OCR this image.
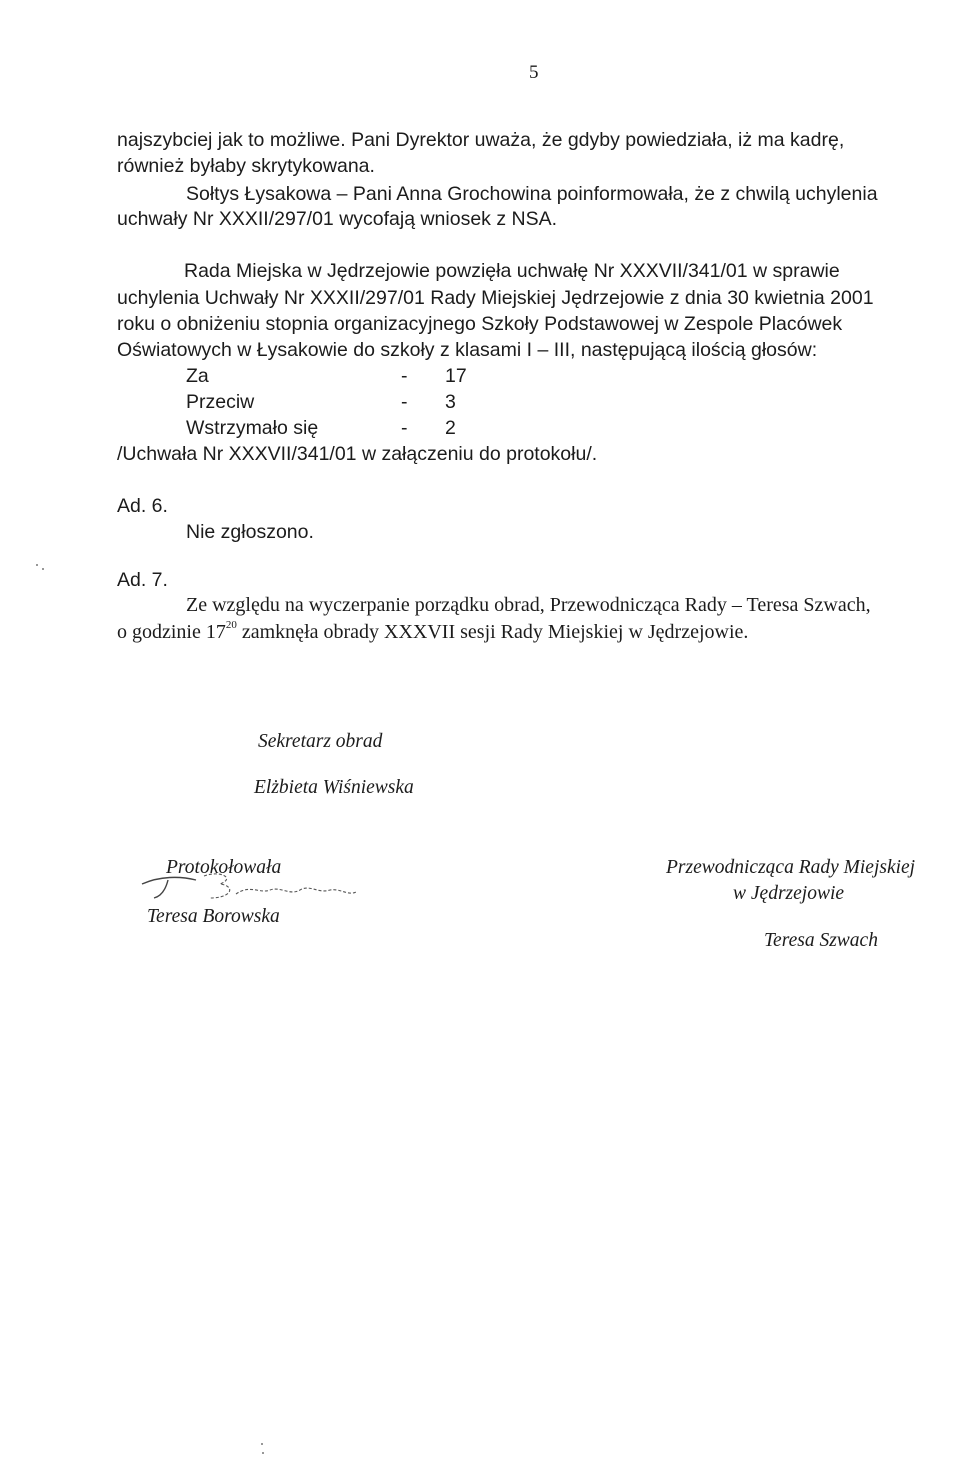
5
najszybciej jak to możliwe. Pani Dyrektor uważa, że gdyby powiedziała, iż ma kadrę,
również byłaby skrytykowana.
Sołtys Łysakowa – Pani Anna Grochowina poinformowała, że z chwilą uchylenia
uchwały Nr XXXII/297/01 wycofają wniosek z NSA.
Rada Miejska w Jędrzejowie powzięła uchwałę Nr XXXVII/341/01 w sprawie
uchylenia Uchwały Nr XXXII/297/01 Rady Miejskiej Jędrzejowie z dnia 30 kwietnia 2001
roku o obniżeniu stopnia organizacyjnego Szkoły Podstawowej w Zespole Placówek
Oświatowych w Łysakowie do szkoły z klasami I – III, następującą ilością głosów:
Za	- 17
Przeciw	- 3
Wstrzymało się	- 2
/Uchwała Nr XXXVII/341/01 w załączeniu do protokołu/.
Ad. 6.
Nie zgłoszono.
Ad. 7.
Ze względu na wyczerpanie porządku obrad, Przewodnicząca Rady – Teresa Szwach,
o godzinie $17^{20}$ zamknęła obrady XXXVII sesji Rady Miejskiej w Jędrzejowie.
Sekretarz obrad
Elżbieta Wiśniewska
Protokołowała
Teresa Borowska
Przewodnicząca Rady Miejskiej
w Jędrzejowie
Teresa Szwach
